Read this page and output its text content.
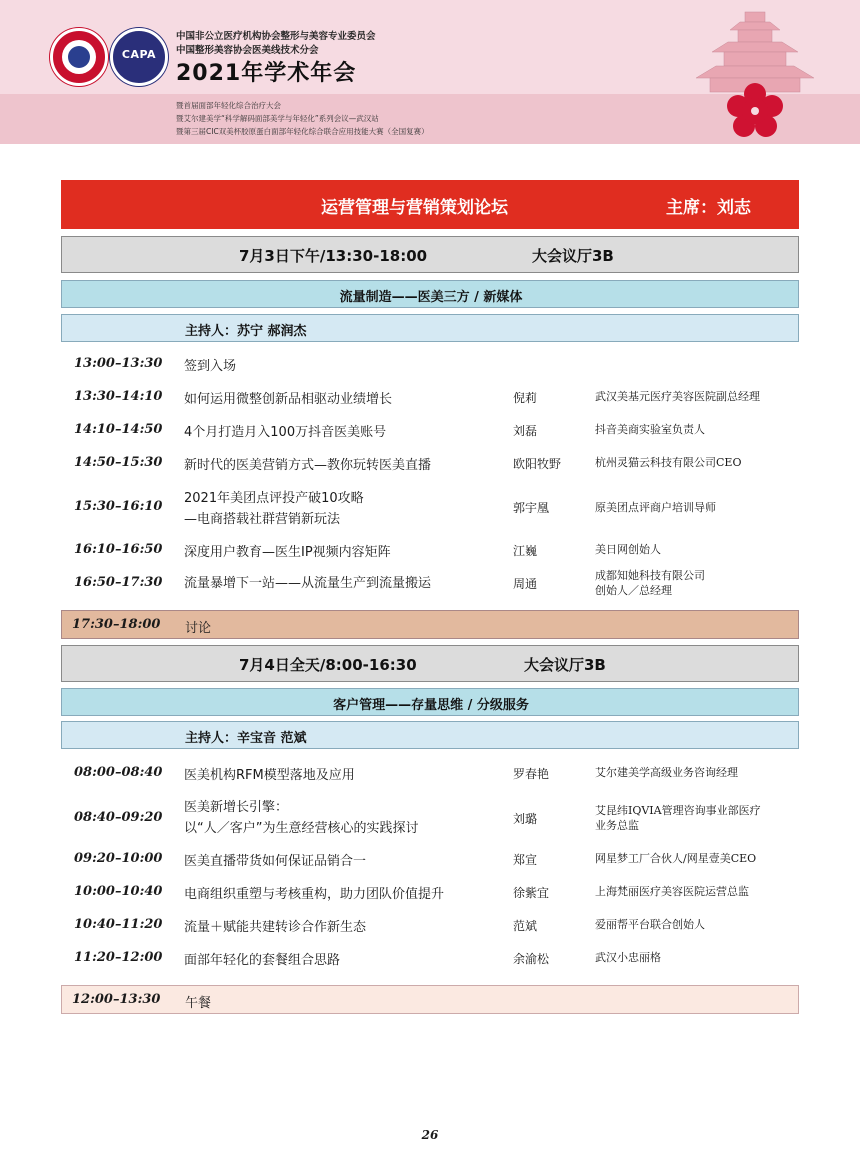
CAPA
中国非公立医疗机构协会整形与美容专业委员会
中国整形美容协会医美线技术分会
2021年学术年会
暨首届面部年轻化综合治疗大会
暨艾尔建美学“科学解码面部美学与年轻化”系列会议—武汉站
暨第三届CIC双美杯胶原蛋白面部年轻化综合联合应用技能大赛（全国复赛）
运营管理与营销策划论坛	主席：刘志
7月3日下午/13:30-18:00	大会议厅3B
流量制造——医美三方 / 新媒体
主持人：苏宁 郝润杰
13:00–13:30 签到入场
13:30–14:10 如何运用微整创新品相驱动业绩增长	倪莉	武汉美基元医疗美容医院副总经理
14:10–14:50 4个月打造月入100万抖音医美账号	刘磊	抖音美商实验室负责人
14:50–15:30 新时代的医美营销方式—教你玩转医美直播	欧阳牧野	杭州灵猫云科技有限公司CEO
15:30–16:10
2021年美团点评投产破10攻略
—电商搭载社群营销新玩法
郭宇凰	原美团点评商户培训导师
16:10–16:50 深度用户教育—医生IP视频内容矩阵	江巍	美日网创始人
16:50–17:30 流量暴增下一站——从流量生产到流量搬运	周通
成都知她科技有限公司
创始人／总经理
17:30–18:00 讨论
7月4日全天/8:00-16:30	大会议厅3B
客户管理——存量思维 / 分级服务
主持人：辛宝音 范斌
08:00–08:40 医美机构RFM模型落地及应用	罗春艳	艾尔建美学高级业务咨询经理
08:40–09:20
医美新增长引擎：
以“人／客户”为生意经营核心的实践探讨
刘璐
艾昆纬IQVIA管理咨询事业部医疗
业务总监
09:20–10:00 医美直播带货如何保证品销合一	郑宣	网星梦工厂合伙人/网星壹美CEO
10:00–10:40 电商组织重塑与考核重构，助力团队价值提升	徐紫宜	上海梵丽医疗美容医院运营总监
10:40–11:20 流量＋赋能共建转诊合作新生态	范斌	爱丽帮平台联合创始人
11:20–12:00 面部年轻化的套餐组合思路	余渝松	武汉小忠丽格
12:00–13:30 午餐
26
